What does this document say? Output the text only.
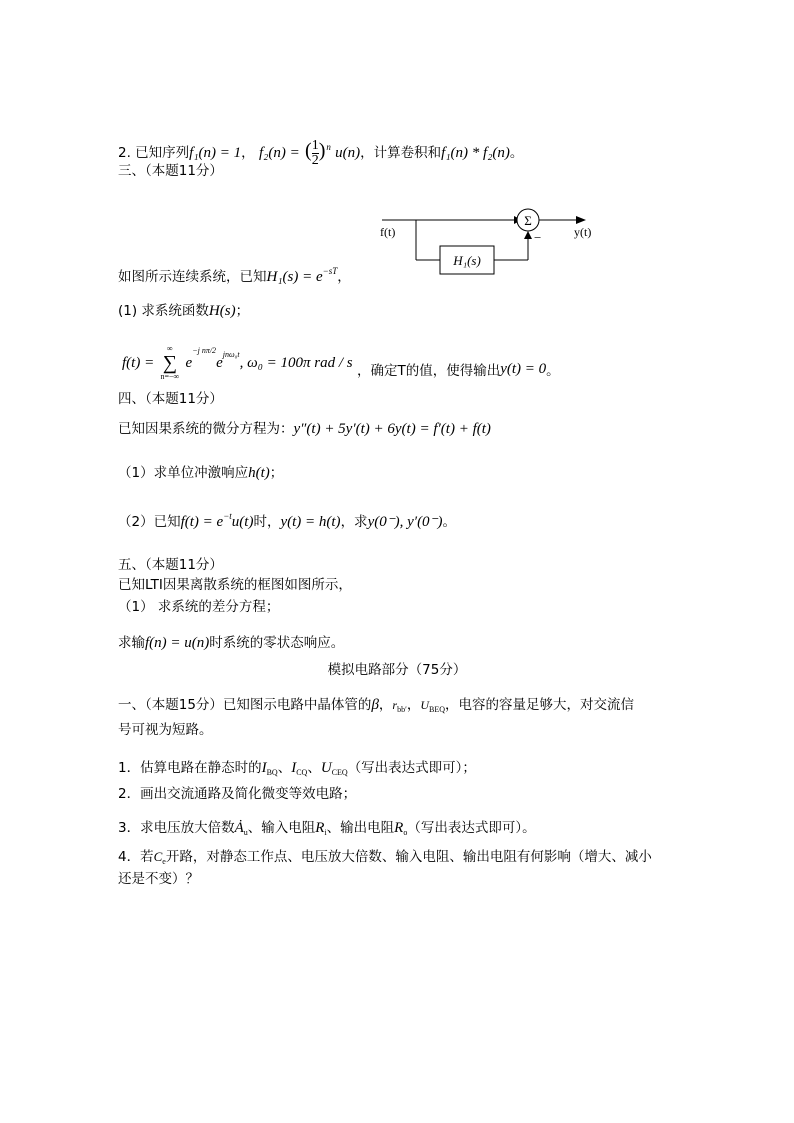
2. 已知序列f₁(n) = 1， f₂(n) = ( $\frac{1}{2} )^n$ u(n)，计算卷积和f₁(n) * f₂(n)。
三、（本题11分）
Σ
H₁(s)
−
f(t)	y(t)
如图所示连续系统，已知$H_1(s) = e^{-sT}$，
(1) 求系统函数H(s)；
f(t) =
∞
∑
n=−∞
$e^{-j n\pi/2}e^{jn\omega_0t}$, ω₀ = 100π rad / s ，确定T的值，使得输出y(t) = 0。
四、（本题11分）
已知因果系统的微分方程为：y″(t) + 5y′(t) + 6y(t) = f′(t) + f(t)
（1）求单位冲激响应h(t)；
（2）已知$f(t) = e^{-t}u(t)$时，y(t) = h(t)，求y(0⁻), y′(0⁻)。
五、（本题11分）
已知LTI因果离散系统的框图如图所示，
（1） 求系统的差分方程；
求输f(n) = u(n)时系统的零状态响应。
模拟电路部分（75分）
一、（本题15分）已知图示电路中晶体管的β，$r_{bb'}$，$U_{BEQ}$，电容的容量足够大，对交流信
号可视为短路。
1．估算电路在静态时的$I_{BQ}$、$I_{CQ}$、$U_{CEQ}$（写出表达式即可）；
2．画出交流通路及简化微变等效电路；
3．求电压放大倍数$Ȧ_u$、输入电阻$R_i$、输出电阻$R_o$（写出表达式即可）。
4．若$C_e$开路，对静态工作点、电压放大倍数、输入电阻、输出电阻有何影响（增大、减小
还是不变）？
